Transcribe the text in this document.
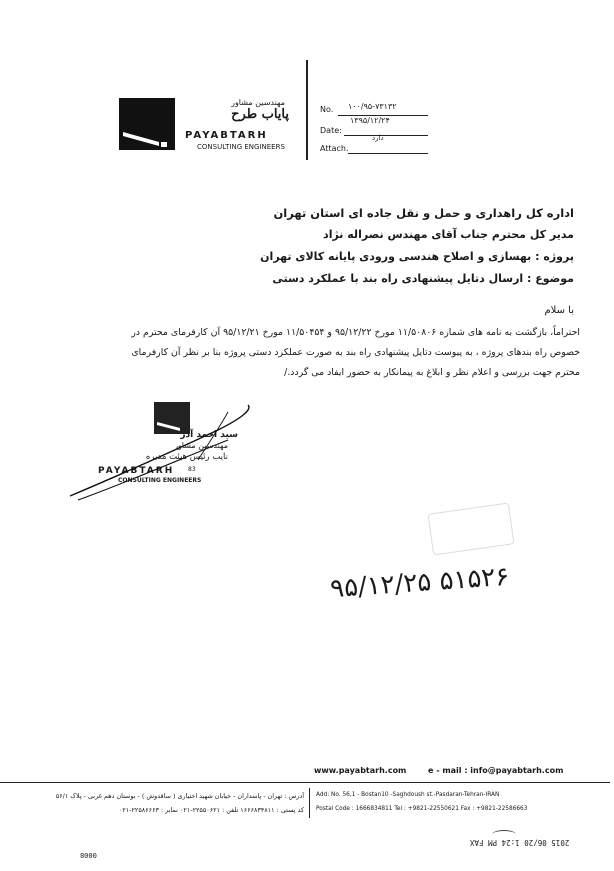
مهندسین مشاور
پایاب طرح
PAYABTARH
CONSULTING ENGINEERS
No. ۱۰۰/۹۵-۷۳۱۳۲
۱۳۹۵/۱۲/۲۴
Date:
دارد
Attach.
اداره کل راهداری و حمل و نقل جاده ای استان تهران
مدیر کل محترم جناب آقای مهندس نصراله نژاد
پروژه : بهسازی و اصلاح هندسی ورودی پایانه کالای تهران
موضوع : ارسال دتایل پیشنهادی راه بند با عملکرد دستی
با سلام
احتراماً، بازگشت به نامه های شماره ۱۱/۵۰۸۰۶ مورخ ۹۵/۱۲/۲۲ و ۱۱/۵۰۴۵۴ مورخ ۹۵/۱۲/۲۱ آن کارفرمای محترم در
خصوص راه بندهای پروژه ، به پیوست دتایل پیشنهادی راه بند به صورت عملکرد دستی پروژه بنا بر نظر آن کارفرمای
محترم جهت بررسی و اعلام نظر و ابلاغ به پیمانکار به حضور ایفاد می گردد./
سید احمد آذر
مهندسین مشاور
نایب رئیس هیئت مدیره
PAYABTARH 83
CONSULTING ENGINEERS
۹۵/۱۲/۲۵ ۵۱۵۲۶
www.payabtarh.com	e - mail : info@payabtarh.com
آدرس : تهران - پاسداران - خیابان شهید اختیاری ( ساقدوش ) - بوستان دهم غربی - پلاک ۵۶/۱
کد پستی : ۱۶۶۶۸۳۴۸۱۱ تلفن : ۲۲۵۵۰۶۲۱-۰۲۱ نمابر : ۲۲۵۸۶۶۶۳-۰۲۱
Add: No. 56,1 - Bostan10 -Saghdoush st.-Pasdaran-Tehran-IRAN
Postal Code : 1666834811 Tel : +9821-22550621 Fax : +9821-22586663
2015 06/20 1:24 PM FAX
0008
